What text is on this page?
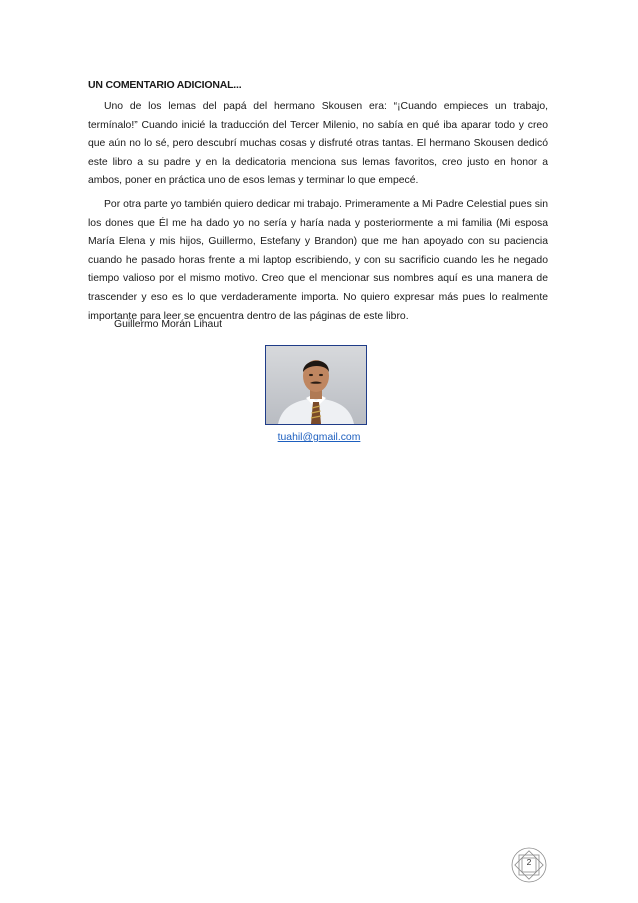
UN COMENTARIO ADICIONAL...

Uno de los lemas del papá del hermano Skousen era: “¡Cuando empieces un trabajo, termínalo!” Cuando inicié la traducción del Tercer Milenio, no sabía en qué iba aparar todo y creo que aún no lo sé, pero descubrí muchas cosas y disfruté otras tantas. El hermano Skousen dedicó este libro a su padre y en la dedicatoria menciona sus lemas favoritos, creo justo en honor a ambos, poner en práctica uno de esos lemas y terminar lo que empecé.

Por otra parte yo también quiero dedicar mi trabajo. Primeramente a Mi Padre Celestial pues sin los dones que Él me ha dado yo no sería y haría nada y posteriormente a mi familia (Mi esposa María Elena y mis hijos, Guillermo, Estefany y Brandon) que me han apoyado con su paciencia cuando he pasado horas frente a mi laptop escribiendo, y con su sacrificio cuando les he negado tiempo valioso por el mismo motivo. Creo que el mencionar sus nombres aquí es una manera de trascender y eso es lo que verdaderamente importa. No quiero expresar más pues lo realmente importante para leer se encuentra dentro de las páginas de este libro.

Guillermo Morán Lihaut

tuahil@gmail.com

2
